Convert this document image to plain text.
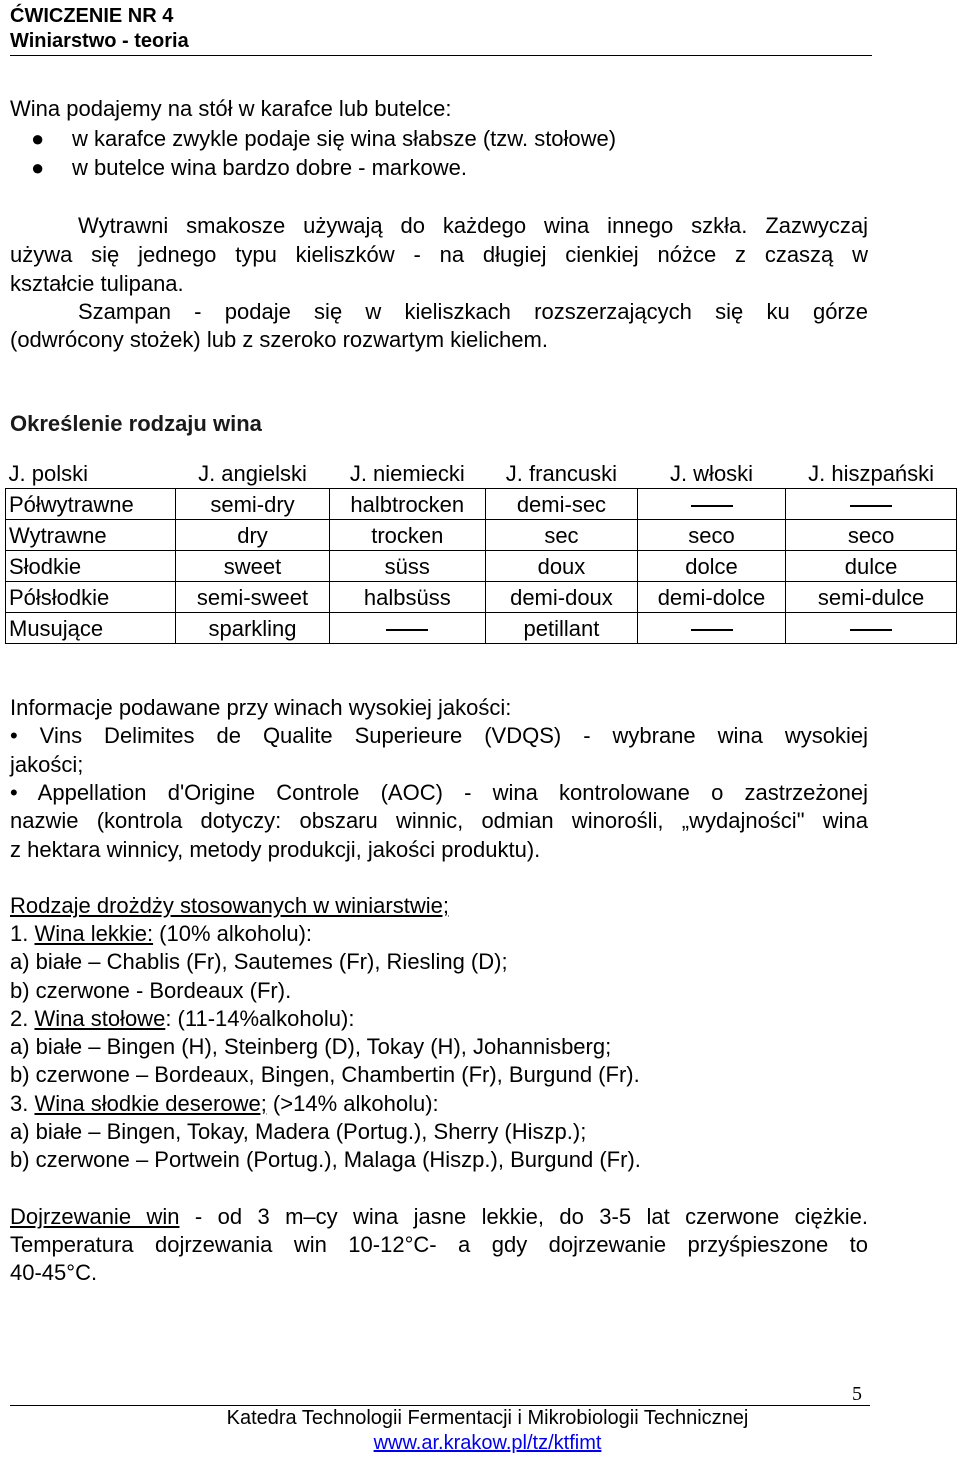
ĆWICZENIE NR 4
Winiarstwo - teoria
Wina podajemy na stół w karafce lub butelce:
● w karafce zwykle podaje się wina słabsze (tzw. stołowe)
● w butelce wina bardzo dobre - markowe.
Wytrawni smakosze używają do każdego wina innego szkła. Zazwyczaj
używa się jednego typu kieliszków - na długiej cienkiej nóżce z czaszą w
kształcie tulipana.
Szampan - podaje się w kieliszkach rozszerzających się ku górze
(odwrócony stożek) lub z szeroko rozwartym kielichem.
Określenie rodzaju wina
J. polski	J. angielski	J. niemiecki	J. francuski	J. włoski	J. hiszpański
Półwytrawne	semi-dry	halbtrocken	demi-sec		
Wytrawne	dry	trocken	sec	seco	seco
Słodkie	sweet	süss	doux	dolce	dulce
Półsłodkie	semi-sweet	halbsüss	demi-doux	demi-dolce	semi-dulce
Musujące	sparkling		petillant		
Informacje podawane przy winach wysokiej jakości:
• Vins Delimites de Qualite Superieure (VDQS) - wybrane wina wysokiej
jakości;
• Appellation d'Origine Controle (AOC) - wina kontrolowane o zastrzeżonej
nazwie (kontrola dotyczy: obszaru winnic, odmian winorośli, „wydajności" wina
z hektara winnicy, metody produkcji, jakości produktu).
Rodzaje drożdży stosowanych w winiarstwie;
1. Wina lekkie: (10% alkoholu):
a) białe – Chablis (Fr), Sautemes (Fr), Riesling (D);
b) czerwone - Bordeaux (Fr).
2. Wina stołowe: (11-14%alkoholu):
a) białe – Bingen (H), Steinberg (D), Tokay (H), Johannisberg;
b) czerwone – Bordeaux, Bingen, Chambertin (Fr), Burgund (Fr).
3. Wina słodkie deserowe; (>14% alkoholu):
a) białe – Bingen, Tokay, Madera (Portug.), Sherry (Hiszp.);
b) czerwone – Portwein (Portug.), Malaga (Hiszp.), Burgund (Fr).
Dojrzewanie win - od 3 m–cy wina jasne lekkie, do 3-5 lat czerwone ciężkie.
Temperatura dojrzewania win 10-12°C- a gdy dojrzewanie przyśpieszone to
40-45°C.
5
Katedra Technologii Fermentacji i Mikrobiologii Technicznej
www.ar.krakow.pl/tz/ktfimt
